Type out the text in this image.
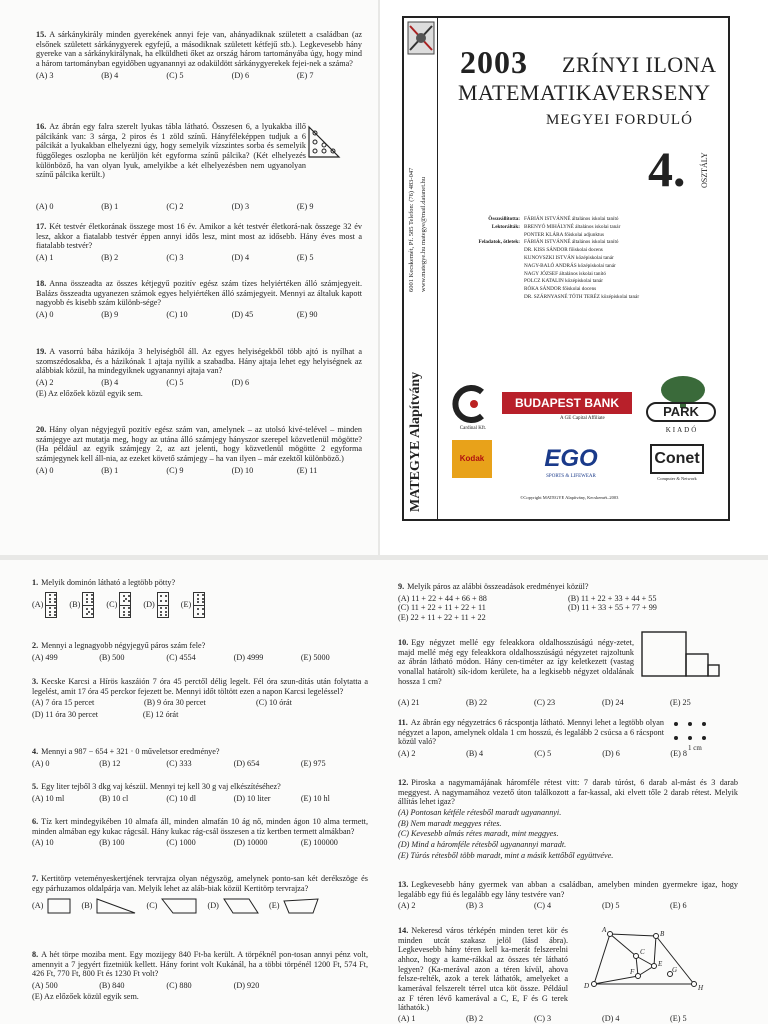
15. A sárkánykirály minden gyerekének annyi feje van, ahányadiknak született a családban (az elsőnek született sárkánygyerek egyfejű, a másodiknak született kétfejű stb.). Legkevesebb hány gyereke van a sárkánykirálynak, ha elküldheti őket az ország három tartományába úgy, hogy mind a három tartományban egyidőben ugyanannyi az odaküldött sárkánygyerekek fejei-nek a száma?
(A) 3	(B) 4	(C) 5	(D) 6	(E) 7
16. Az ábrán egy falra szerelt lyukas tábla látható. Összesen 6, a lyukakba illő pálcikánk van: 3 sárga, 2 piros és 1 zöld színű. Hányféleképpen tudjuk a 6 pálcikát a lyukakban elhelyezni úgy, hogy semelyik vízszintes sorba és semelyik függőleges oszlopba ne kerüljön két egyforma színű pálcika? (Két elhelyezés különböző, ha van olyan lyuk, amelyikbe a két elhelyezésben nem ugyanolyan színű pálcika került.)
(A) 0	(B) 1	(C) 2	(D) 3	(E) 9
17. Két testvér életkorának összege most 16 év. Amikor a két testvér életkorá-nak összege 32 év lesz, akkor a fiatalabb testvér éppen annyi idős lesz, mint most az idősebb. Hány éves most a fiatalabb testvér?
(A) 1	(B) 2	(C) 3	(D) 4	(E) 5
18. Anna összeadta az összes kétjegyű pozitív egész szám tízes helyiértéken álló számjegyeit. Balázs összeadta ugyanezen számok egyes helyiértéken álló számjegyeit. Mennyi az általuk kapott nagyobb és kisebb szám különb-sége?
(A) 0	(B) 9	(C) 10	(D) 45	(E) 90
19. A vasorrú bába házikója 3 helyiségből áll. Az egyes helyiségekből több ajtó is nyílhat a szomszédosakba, és a házikónak 1 ajtaja nyílik a szabadba. Hány ajtaja lehet egy helyiségnek az alábbiak közül, ha mindegyiknek ugyanannyi ajtaja van?
(A) 2	(B) 4	(C) 5	(D) 6
(E) Az előzőek közül egyik sem.
20. Hány olyan négyjegyű pozitív egész szám van, amelynek – az utolsó kivé-telével – minden számjegye azt mutatja meg, hogy az utána álló számjegy hányszor szerepel közvetlenül mögötte? (Ha például az egyik számjegy 2, az azt jelenti, hogy közvetlenül mögötte 2 egyforma számjegynek kell áll-nia, az ezeket követő számjegy – ha van ilyen – már ezektől különböző.)
(A) 0	(B) 1	(C) 9	(D) 10	(E) 11	MATEGYE Alapítvány
6001 Kecskemét, Pf. 585 Telefon: (76) 483-047 www.mategye.hu mategye@mail.datanet.hu
2003 ZRÍNYI ILONA
MATEMATIKAVERSENY
MEGYEI FORDULÓ
4. OSZTÁLY
Összeállította: FÁBIÁN ISTVÁNNÉ általános iskolai tanító
Lektorálták: BRENYÓ MIHÁLYNÉ általános iskolai tanár
PONTER KLÁRA főiskolai adjunktus
Feladatok, ötletek: FÁBIÁN ISTVÁNNÉ általános iskolai tanító
DR. KISS SÁNDOR főiskolai docens
KUNOVSZKI ISTVÁN középiskolai tanár
NAGY-BALÓ ANDRÁS középiskolai tanár
NAGY JÓZSEF általános iskolai tanító
POLCZ KATALIN középiskolai tanár
RÓKA SÁNDOR főiskolai docens
DR. SZÁRNYASNÉ TÓTH TERÉZ középiskolai tanár
Cardinal Kft.
BUDAPEST BANK
A GE Capital Affiliate	PARK
KIADÓ
Kodak	EGO
SPORTS & LIFEWEAR
Conet
Computer & Network
©Copyright MATEGYE Alapítvány, Kecskemét–2003
1. Melyik dominón látható a legtöbb pötty?
(A)	(B)	(C)	(D)	(E)
2. Mennyi a legnagyobb négyjegyű páros szám fele?
(A) 499	(B) 500	(C) 4554	(D) 4999	(E) 5000
3. Kecske Karcsi a Hírös kaszáión 7 óra 45 perctől délig legelt. Fél óra szun-dítás után folytatta a legelést, amit 17 óra 45 perckor fejezett be. Mennyi időt töltött ezen a napon Karcsi legeléssel?
(A) 7 óra 15 percet	(B) 9 óra 30 percet	(C) 10 órát
(D) 11 óra 30 percet	(E) 12 órát
4. Mennyi a 987 − 654 + 321 · 0 műveletsor eredménye?
(A) 0	(B) 12	(C) 333	(D) 654	(E) 975
5. Egy liter tejből 3 dkg vaj készül. Mennyi tej kell 30 g vaj elkészítéséhez?
(A) 10 ml	(B) 10 cl	(C) 10 dl	(D) 10 liter	(E) 10 hl
6. Tíz kert mindegyikében 10 almafa áll, minden almafán 10 ág nő, minden ágon 10 alma termett, minden almában egy kukac rágcsál. Hány kukac rág-csál összesen a tíz kertben termett almákban?
(A) 10	(B) 100	(C) 1000	(D) 10000	(E) 100000
7. Kertitörp veteményeskertjének tervrajza olyan négyszög, amelynek ponto-san két derékszöge és egy párhuzamos oldalpárja van. Melyik lehet az aláb-biak közül Kertitörp tervrajza?
(A)	(B)	(C)	(D)	(E)
8. A hét törpe moziba ment. Egy mozijegy 840 Ft-ba került. A törpéknél pon-tosan annyi pénz volt, amennyit a 7 jegyért fizetniük kellett. Hány forint volt Kukánál, ha a többi törpénél 1200 Ft, 574 Ft, 426 Ft, 770 Ft, 800 Ft és 1230 Ft volt?
(A) 500	(B) 840	(C) 880	(D) 920
(E) Az előzőek közül egyik sem.
9. Melyik páros az alábbi összeadások eredményei közül?
(A) 11 + 22 + 44 + 66 + 88	(B) 11 + 22 + 33 + 44 + 55
(C) 11 + 22 + 11 + 22 + 11	(D) 11 + 33 + 55 + 77 + 99
(E) 22 + 11 + 22 + 11 + 22
10. Egy négyzet mellé egy feleakkora oldalhosszúságú négy-zetet, majd mellé még egy feleakkora oldalhosszúságú négyzetet rajzoltunk az ábrán látható módon. Hány cen-timéter az így keletkezett (vastag vonallal határolt) sík-idom kerülete, ha a legkisebb négyzet oldalának hossza 1 cm?
(A) 21	(B) 22	(C) 23	(D) 24	(E) 25
11. Az ábrán egy négyzetrács 6 rácspontja látható. Mennyi lehet a legtöbb olyan négyzet a lapon, amelynek oldala 1 cm hosszú, és legalább 2 csúcsa a 6 rácspont közül való?
(A) 2	(B) 4	(C) 5	(D) 6	(E) 8
1 cm
12. Piroska a nagymamájának háromféle rétest vitt: 7 darab túróst, 6 darab al-mást és 3 darab meggyest. A nagymamához vezető úton találkozott a far-kassal, aki elvett tőle 2 darab rétest. Melyik állítás lehet igaz?
(A) Pontosan kétféle rétesből maradt ugyanannyi.
(B) Nem maradt meggyes rétes.
(C) Kevesebb almás rétes maradt, mint meggyes.
(D) Mind a háromféle rétesből ugyanannyi maradt.
(E) Túrós rétesből több maradt, mint a másik kettőből együttvéve.
13. Legkevesebb hány gyermek van abban a családban, amelyben minden gyermekre igaz, hogy legalább egy fiú és legalább egy lány testvére van?
(A) 2	(B) 3	(C) 4	(D) 5	(E) 6
14. Nekeresd város térképén minden teret kör és minden utcát szakasz jelöl (lásd ábra). Legkevesebb hány téren kell ka-merát felszerelni ahhoz, hogy a kame-rákkal az összes tér látható legyen? (Ka-merával azon a téren kívül, ahova felsze-relték, azok a terek láthatók, amelyeket a kamerával felszerelt térrel utca köt össze. Például az F téren lévő kamerával a C, E, F és G terek láthatók.)
A	B
C
D
E
F	G
H
(A) 1	(B) 2	(C) 3	(D) 4	(E) 5
